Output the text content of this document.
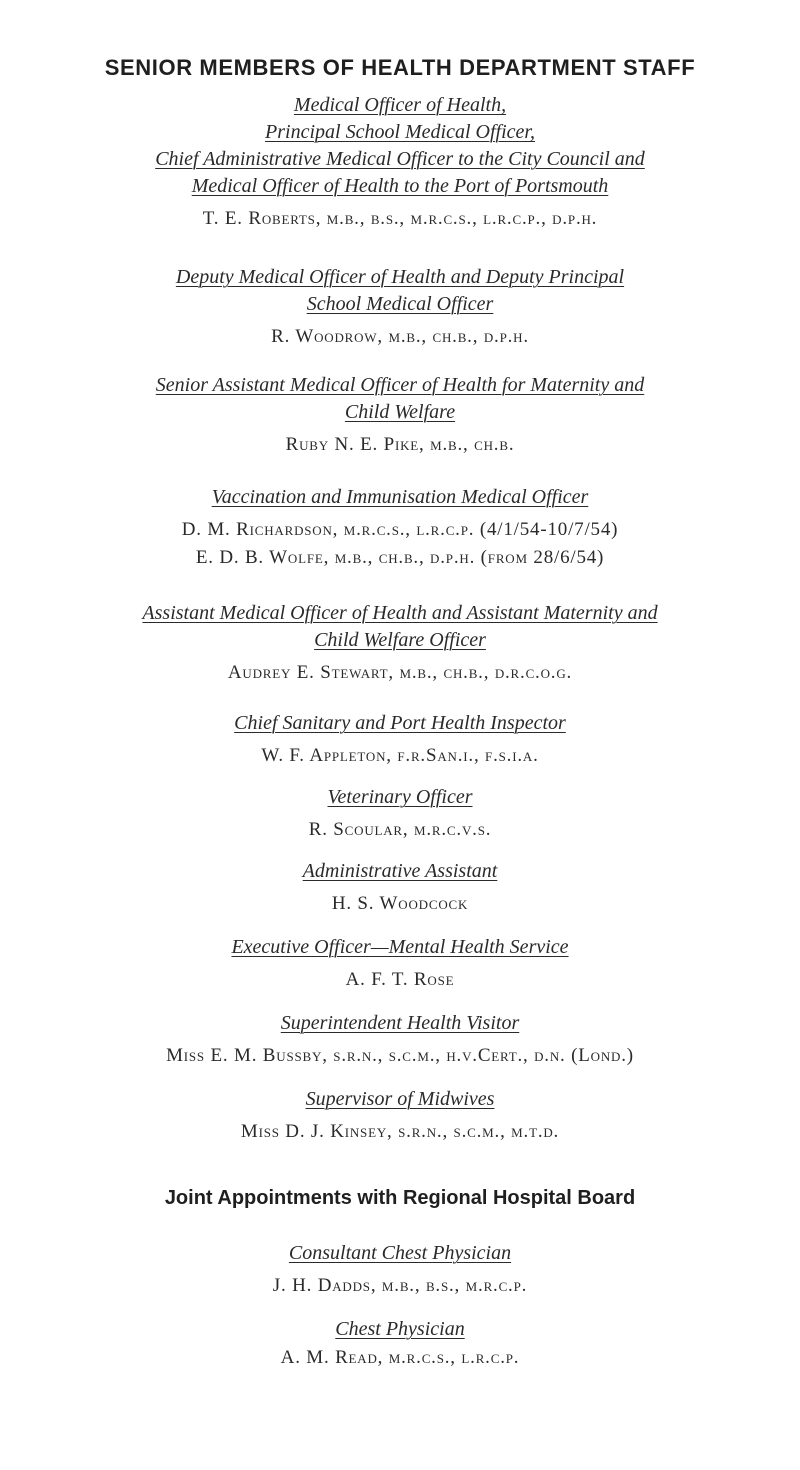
SENIOR MEMBERS OF HEALTH DEPARTMENT STAFF
Medical Officer of Health,
Principal School Medical Officer,
Chief Administrative Medical Officer to the City Council and
Medical Officer of Health to the Port of Portsmouth
T. E. Roberts, m.b., b.s., m.r.c.s., l.r.c.p., d.p.h.
Deputy Medical Officer of Health and Deputy Principal
School Medical Officer
R. Woodrow, m.b., ch.b., d.p.h.
Senior Assistant Medical Officer of Health for Maternity and
Child Welfare
Ruby N. E. Pike, m.b., ch.b.
Vaccination and Immunisation Medical Officer
D. M. Richardson, m.r.c.s., l.r.c.p. (4/1/54-10/7/54)
E. D. B. Wolfe, m.b., ch.b., d.p.h. (from 28/6/54)
Assistant Medical Officer of Health and Assistant Maternity and
Child Welfare Officer
Audrey E. Stewart, m.b., ch.b., d.r.c.o.g.
Chief Sanitary and Port Health Inspector
W. F. Appleton, f.r.San.i., f.s.i.a.
Veterinary Officer
R. Scoular, m.r.c.v.s.
Administrative Assistant
H. S. Woodcock
Executive Officer—Mental Health Service
A. F. T. Rose
Superintendent Health Visitor
Miss E. M. Bussby, s.r.n., s.c.m., h.v.Cert., d.n. (Lond.)
Supervisor of Midwives
Miss D. J. Kinsey, s.r.n., s.c.m., m.t.d.
Joint Appointments with Regional Hospital Board
Consultant Chest Physician
J. H. Dadds, m.b., b.s., m.r.c.p.
Chest Physician
A. M. Read, m.r.c.s., l.r.c.p.
